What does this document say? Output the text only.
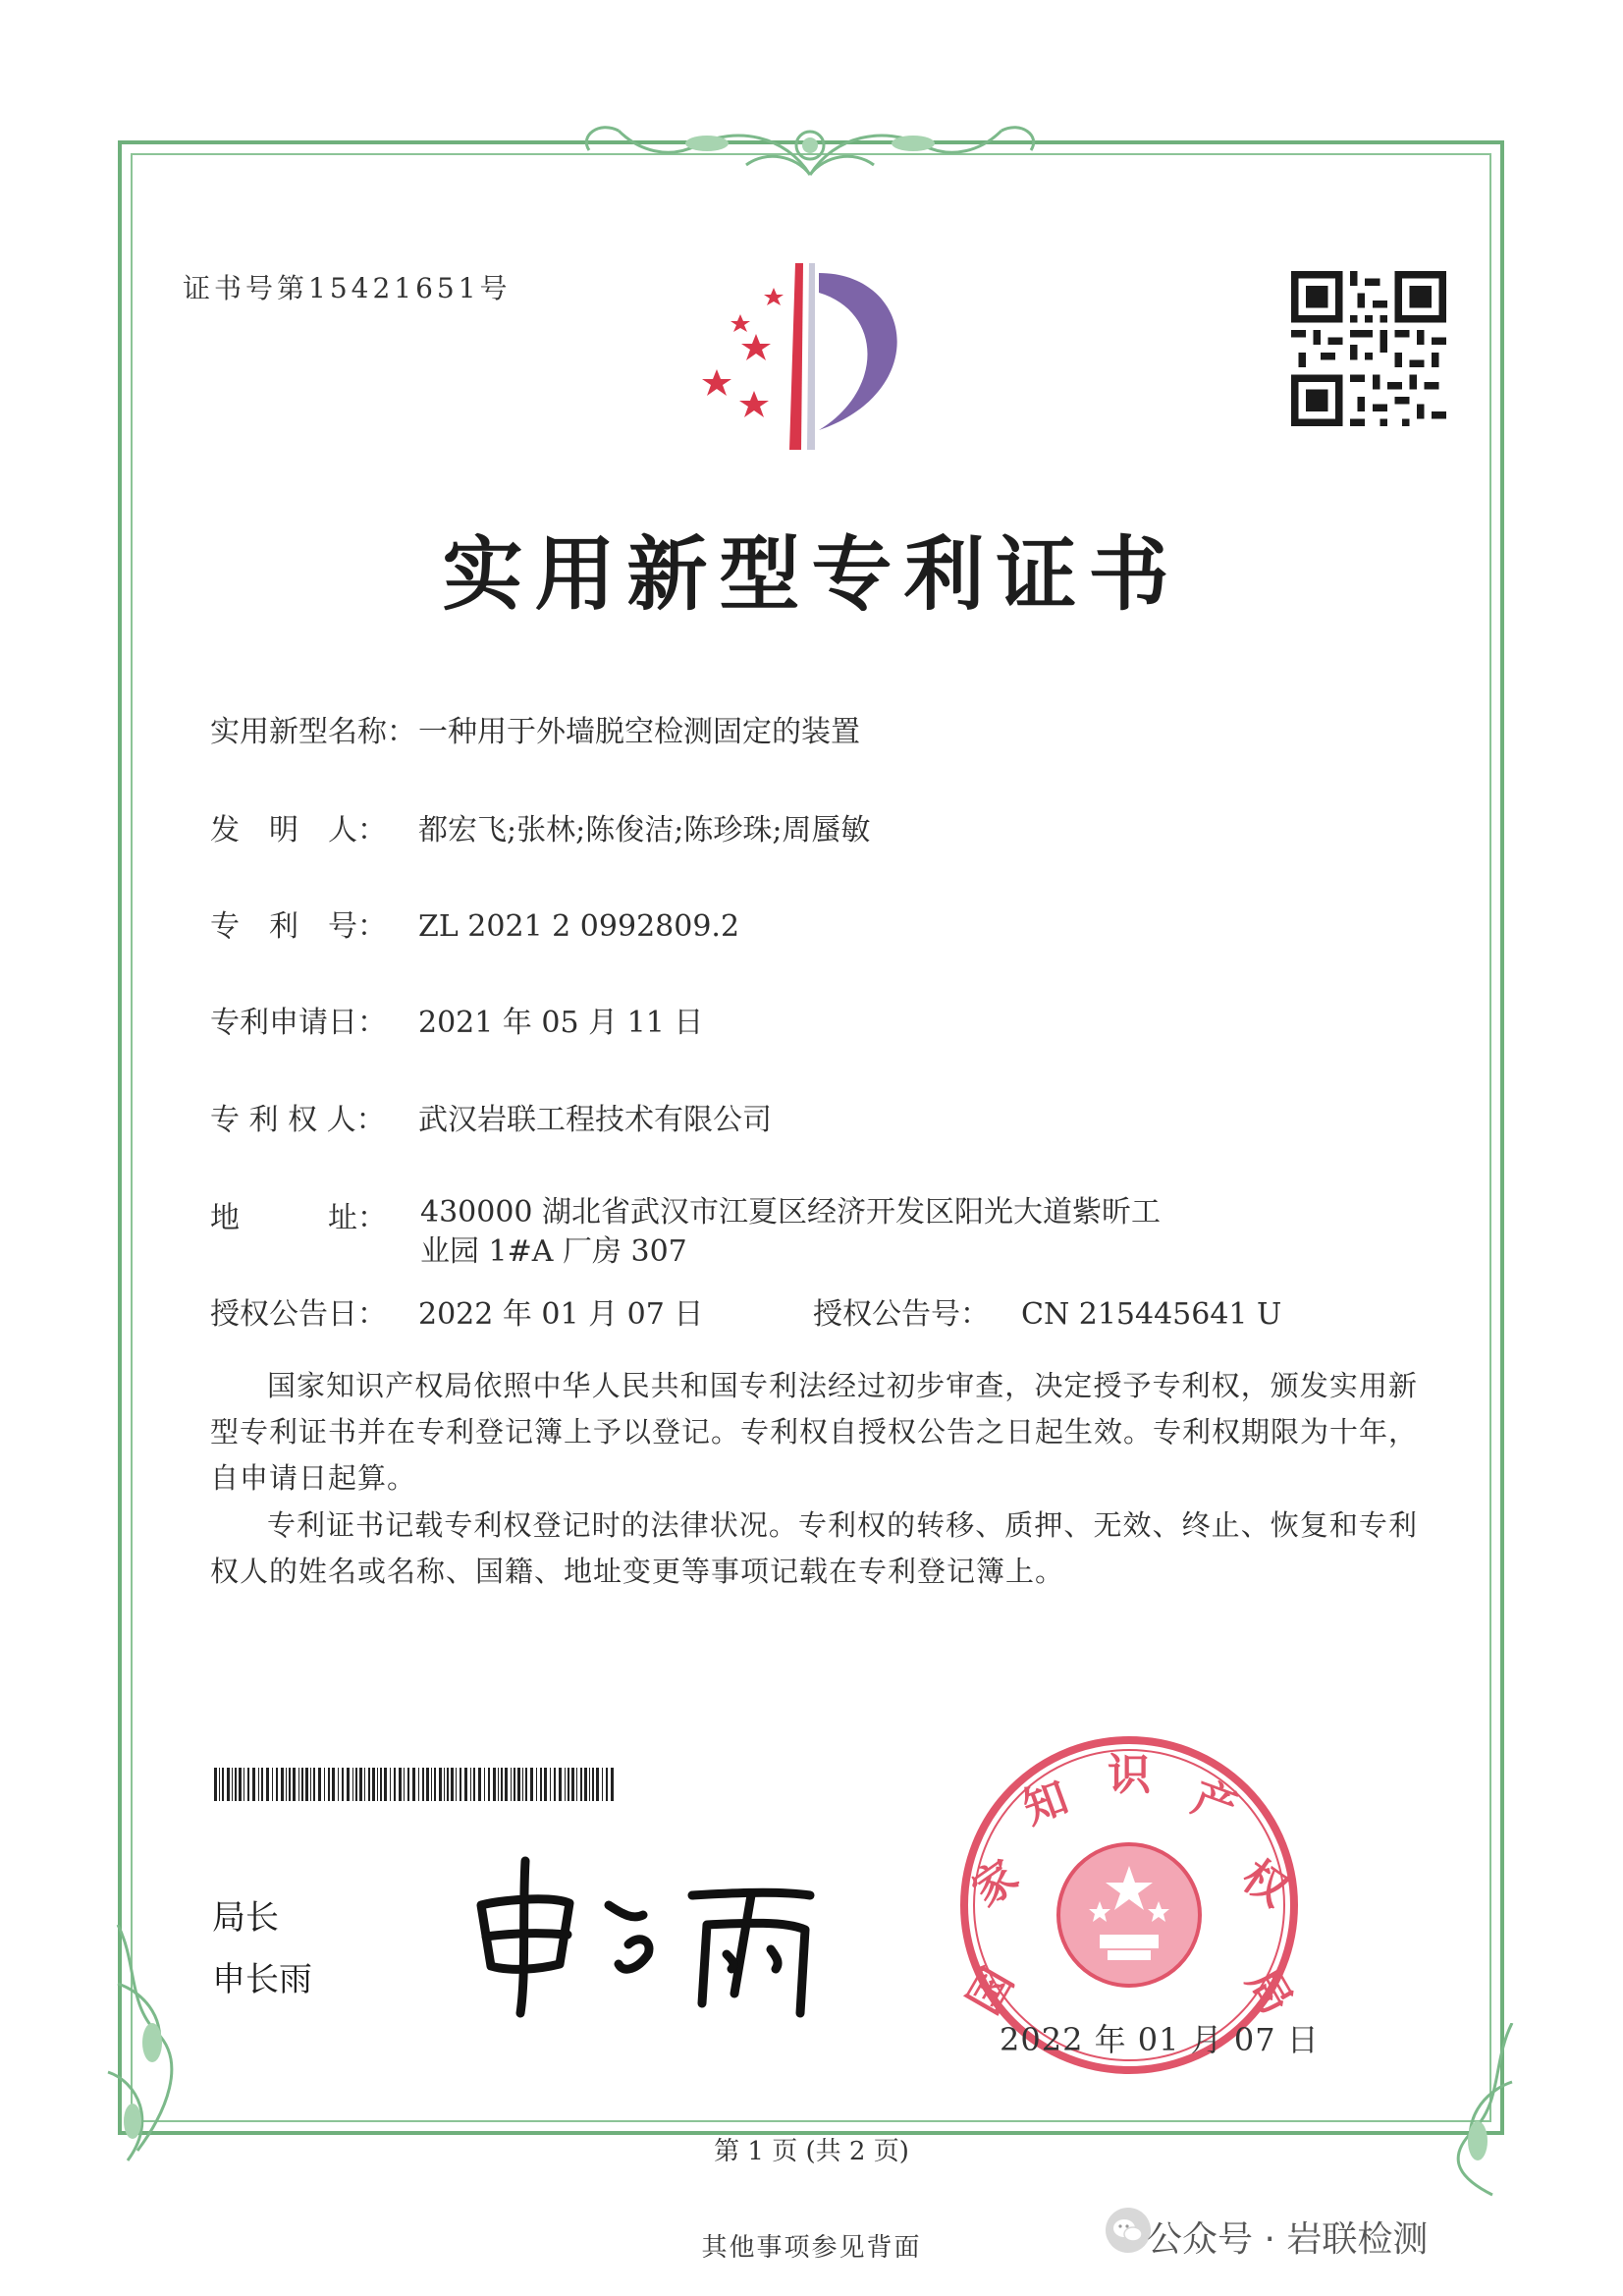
证书号第15421651号
实用新型专利证书
实用新型名称：一种用于外墙脱空检测固定的装置
发　明　人： 都宏飞;张林;陈俊洁;陈珍珠;周蜃敏
专　利　号： ZL 2021 2 0992809.2
专利申请日： 2021 年 05 月 11 日
专 利 权 人： 武汉岩联工程技术有限公司
地　　　址：	430000 湖北省武汉市江夏区经济开发区阳光大道紫昕工
业园 1#A 厂房 307
授权公告日： 2022 年 01 月 07 日	授权公告号： CN 215445641 U
国家知识产权局依照中华人民共和国专利法经过初步审查，决定授予专利权，颁发实用新型专利证书并在专利登记簿上予以登记。专利权自授权公告之日起生效。专利权期限为十年，自申请日起算。
专利证书记载专利权登记时的法律状况。专利权的转移、质押、无效、终止、恢复和专利权人的姓名或名称、国籍、地址变更等事项记载在专利登记簿上。
局长
申长雨	国
家
知 识 产
权
局
2022 年 01 月 07 日
第 1 页 (共 2 页)
其他事项参见背面	公众号 · 岩联检测
